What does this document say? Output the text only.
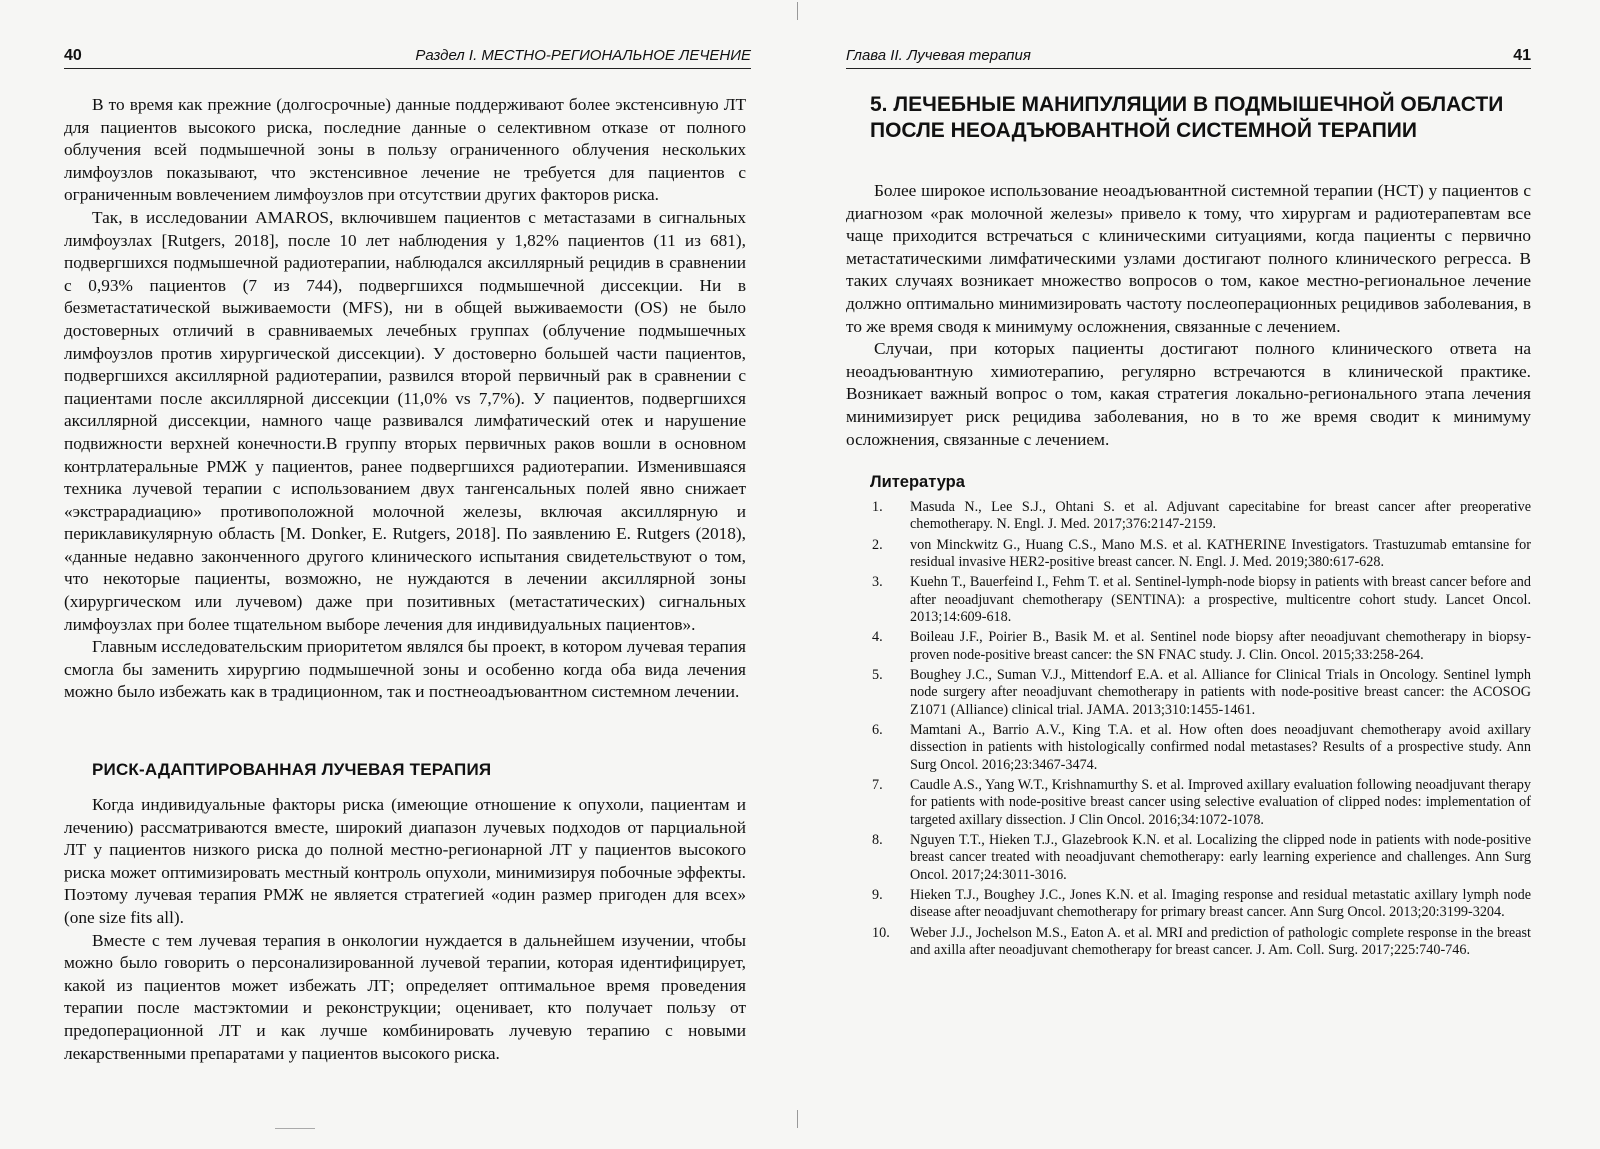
40	Раздел I. МЕСТНО-РЕГИОНАЛЬНОЕ ЛЕЧЕНИЕ

В то время как прежние (долгосрочные) данные поддерживают более экстенсивную ЛТ для пациентов высокого риска, последние данные о селективном отказе от полного облучения всей подмышечной зоны в пользу ограниченного облучения нескольких лимфоузлов показывают, что экстенсивное лечение не требуется для пациентов с ограниченным вовлечением лимфоузлов при отсутствии других факторов риска.

Так, в исследовании AMAROS, включившем пациентов с метастазами в сигнальных лимфоузлах [Rutgers, 2018], после 10 лет наблюдения у 1,82% пациентов (11 из 681), подвергшихся подмышечной радиотерапии, наблюдался аксиллярный рецидив в сравнении с 0,93% пациентов (7 из 744), подвергшихся подмышечной диссекции. Ни в безметастатической выживаемости (MFS), ни в общей выживаемости (OS) не было достоверных отличий в сравниваемых лечебных группах (облучение подмышечных лимфоузлов против хирургической диссекции). У достоверно большей части пациентов, подвергшихся аксиллярной радиотерапии, развился второй первичный рак в сравнении с пациентами после аксиллярной диссекции (11,0% vs 7,7%). У пациентов, подвергшихся аксиллярной диссекции, намного чаще развивался лимфатический отек и нарушение подвижности верхней конечности.В группу вторых первичных раков вошли в основном контрлатеральные РМЖ у пациентов, ранее подвергшихся радиотерапии. Изменившаяся техника лучевой терапии с использованием двух тангенсальных полей явно снижает «экстрарадиацию» противоположной молочной железы, включая аксиллярную и периклавикулярную область [M. Donker, E. Rutgers, 2018]. По заявлению E. Rutgers (2018), «данные недавно законченного другого клинического испытания свидетельствуют о том, что некоторые пациенты, возможно, не нуждаются в лечении аксиллярной зоны (хирургическом или лучевом) даже при позитивных (метастатических) сигнальных лимфоузлах при более тщательном выборе лечения для индивидуальных пациентов».

Главным исследовательским приоритетом являлся бы проект, в котором лучевая терапия смогла бы заменить хирургию подмышечной зоны и особенно когда оба вида лечения можно было избежать как в традиционном, так и постнеоадъювантном системном лечении.

РИСК-АДАПТИРОВАННАЯ ЛУЧЕВАЯ ТЕРАПИЯ

Когда индивидуальные факторы риска (имеющие отношение к опухоли, пациентам и лечению) рассматриваются вместе, широкий диапазон лучевых подходов от парциальной ЛТ у пациентов низкого риска до полной местно-регионарной ЛТ у пациентов высокого риска может оптимизировать местный контроль опухоли, минимизируя побочные эффекты. Поэтому лучевая терапия РМЖ не является стратегией «один размер пригоден для всех» (one size fits all).

Вместе с тем лучевая терапия в онкологии нуждается в дальнейшем изучении, чтобы можно было говорить о персонализированной лучевой терапии, которая идентифицирует, какой из пациентов может избежать ЛТ; определяет оптимальное время проведения терапии после мастэктомии и реконструкции; оценивает, кто получает пользу от предоперационной ЛТ и как лучше комбинировать лучевую терапию с новыми лекарственными препаратами у пациентов высокого риска.

Глава II. Лучевая терапия	41
5. ЛЕЧЕБНЫЕ МАНИПУЛЯЦИИ В ПОДМЫШЕЧНОЙ ОБЛАСТИ ПОСЛЕ НЕОАДЪЮВАНТНОЙ СИСТЕМНОЙ ТЕРАПИИ

Более широкое использование неоадъювантной системной терапии (НСТ) у пациентов с диагнозом «рак молочной железы» привело к тому, что хирургам и радиотерапевтам все чаще приходится встречаться с клиническими ситуациями, когда пациенты с первично метастатическими лимфатическими узлами достигают полного клинического регресса. В таких случаях возникает множество вопросов о том, какое местно-региональное лечение должно оптимально минимизировать частоту послеоперационных рецидивов заболевания, в то же время сводя к минимуму осложнения, связанные с лечением.

Случаи, при которых пациенты достигают полного клинического ответа на неоадъювантную химиотерапию, регулярно встречаются в клинической практике. Возникает важный вопрос о том, какая стратегия локально-регионального этапа лечения минимизирует риск рецидива заболевания, но в то же время сводит к минимуму осложнения, связанные с лечением.

Литература
1. Masuda N., Lee S.J., Ohtani S. et al. Adjuvant capecitabine for breast cancer after preoperative chemotherapy. N. Engl. J. Med. 2017;376:2147-2159.
2. von Minckwitz G., Huang C.S., Mano M.S. et al. KATHERINE Investigators. Trastuzumab emtansine for residual invasive HER2-positive breast cancer. N. Engl. J. Med. 2019;380:617-628.
3. Kuehn T., Bauerfeind I., Fehm T. et al. Sentinel-lymph-node biopsy in patients with breast cancer before and after neoadjuvant chemotherapy (SENTINA): a prospective, multicentre cohort study. Lancet Oncol. 2013;14:609-618.
4. Boileau J.F., Poirier B., Basik M. et al. Sentinel node biopsy after neoadjuvant chemotherapy in biopsy-proven node-positive breast cancer: the SN FNAC study. J. Clin. Oncol. 2015;33:258-264.
5. Boughey J.C., Suman V.J., Mittendorf E.A. et al. Alliance for Clinical Trials in Oncology. Sentinel lymph node surgery after neoadjuvant chemotherapy in patients with node-positive breast cancer: the ACOSOG Z1071 (Alliance) clinical trial. JAMA. 2013;310:1455-1461.
6. Mamtani A., Barrio A.V., King T.A. et al. How often does neoadjuvant chemotherapy avoid axillary dissection in patients with histologically confirmed nodal metastases? Results of a prospective study. Ann Surg Oncol. 2016;23:3467-3474.
7. Caudle A.S., Yang W.T., Krishnamurthy S. et al. Improved axillary evaluation following neoadjuvant therapy for patients with node-positive breast cancer using selective evaluation of clipped nodes: implementation of targeted axillary dissection. J Clin Oncol. 2016;34:1072-1078.
8. Nguyen T.T., Hieken T.J., Glazebrook K.N. et al. Localizing the clipped node in patients with node-positive breast cancer treated with neoadjuvant chemotherapy: early learning experience and challenges. Ann Surg Oncol. 2017;24:3011-3016.
9. Hieken T.J., Boughey J.C., Jones K.N. et al. Imaging response and residual metastatic axillary lymph node disease after neoadjuvant chemotherapy for primary breast cancer. Ann Surg Oncol. 2013;20:3199-3204.
10. Weber J.J., Jochelson M.S., Eaton A. et al. MRI and prediction of pathologic complete response in the breast and axilla after neoadjuvant chemotherapy for breast cancer. J. Am. Coll. Surg. 2017;225:740-746.
